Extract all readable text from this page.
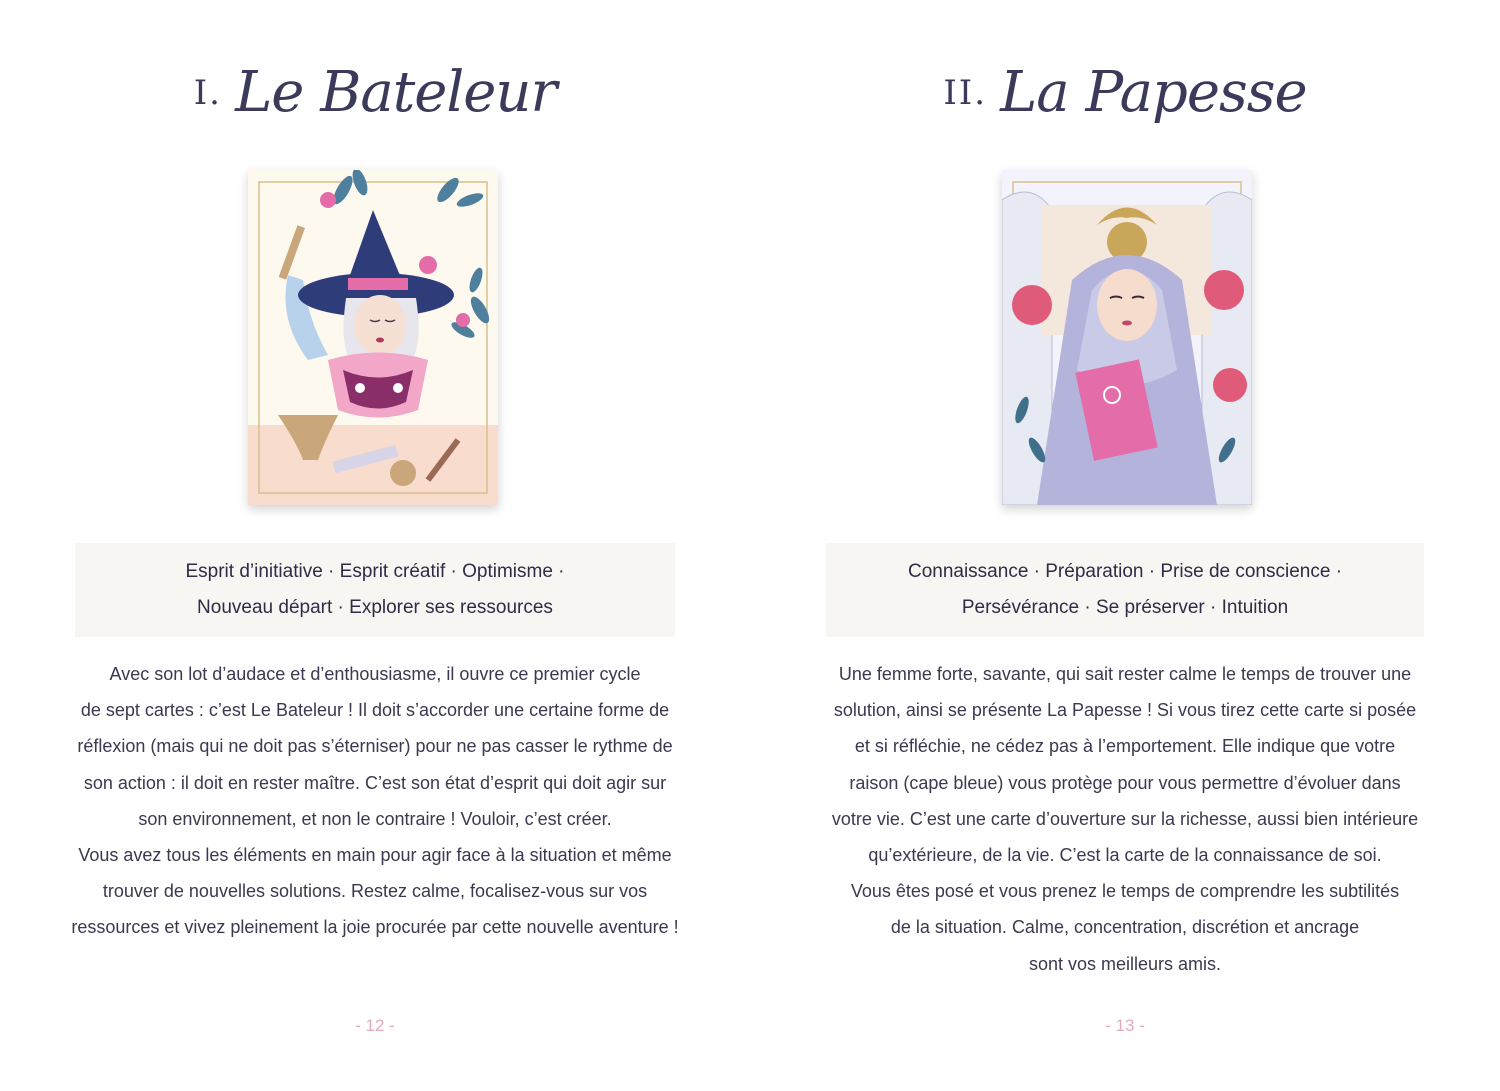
I. Le Bateleur
Esprit d’initiative · Esprit créatif · Optimisme ·
Nouveau départ · Explorer ses ressources

Avec son lot d’audace et d’enthousiasme, il ouvre ce premier cycle

de sept cartes : c’est Le Bateleur ! Il doit s’accorder une certaine forme de

réflexion (mais qui ne doit pas s’éterniser) pour ne pas casser le rythme de

son action : il doit en rester maître. C’est son état d’esprit qui doit agir sur

son environnement, et non le contraire ! Vouloir, c’est créer.

Vous avez tous les éléments en main pour agir face à la situation et même

trouver de nouvelles solutions. Restez calme, focalisez-vous sur vos

ressources et vivez pleinement la joie procurée par cette nouvelle aventure !

- 12 -
II. La Papesse
Connaissance · Préparation · Prise de conscience ·
Persévérance · Se préserver · Intuition

Une femme forte, savante, qui sait rester calme le temps de trouver une

solution, ainsi se présente La Papesse ! Si vous tirez cette carte si posée

et si réfléchie, ne cédez pas à l’emportement. Elle indique que votre

raison (cape bleue) vous protège pour vous permettre d’évoluer dans

votre vie. C’est une carte d’ouverture sur la richesse, aussi bien intérieure

qu’extérieure, de la vie. C’est la carte de la connaissance de soi.

Vous êtes posé et vous prenez le temps de comprendre les subtilités

de la situation. Calme, concentration, discrétion et ancrage

sont vos meilleurs amis.

- 13 -
